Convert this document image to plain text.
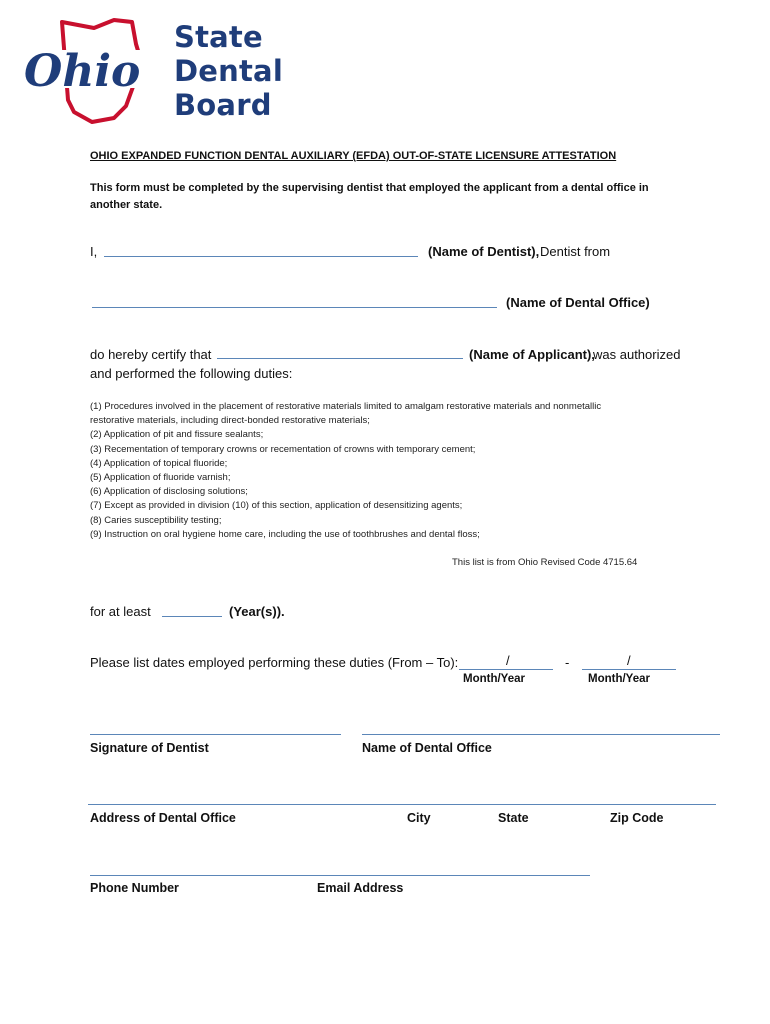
Ohio
State
Dental
Board
OHIO EXPANDED FUNCTION DENTAL AUXILIARY (EFDA) OUT-OF-STATE LICENSURE ATTESTATION
This form must be completed by the supervising dentist that employed the applicant from a dental office in another state.
I,	(Name of Dentist), Dentist from
(Name of Dental Office)
do hereby certify that	(Name of Applicant),
was authorized
and performed the following duties:
(1) Procedures involved in the placement of restorative materials limited to amalgam restorative materials and nonmetallic
restorative materials, including direct-bonded restorative materials;
(2) Application of pit and fissure sealants;
(3) Recementation of temporary crowns or recementation of crowns with temporary cement;
(4) Application of topical fluoride;
(5) Application of fluoride varnish;
(6) Application of disclosing solutions;
(7) Except as provided in division (10) of this section, application of desensitizing agents;
(8) Caries susceptibility testing;
(9) Instruction on oral hygiene home care, including the use of toothbrushes and dental floss;
This list is from Ohio Revised Code 4715.64
for at least	(Year(s)).
Please list dates employed performing these duties (From – To):	/	-	/
Month/Year	Month/Year
Signature of Dentist	Name of Dental Office
Address of Dental Office	City	State	Zip Code
Phone Number	Email Address
